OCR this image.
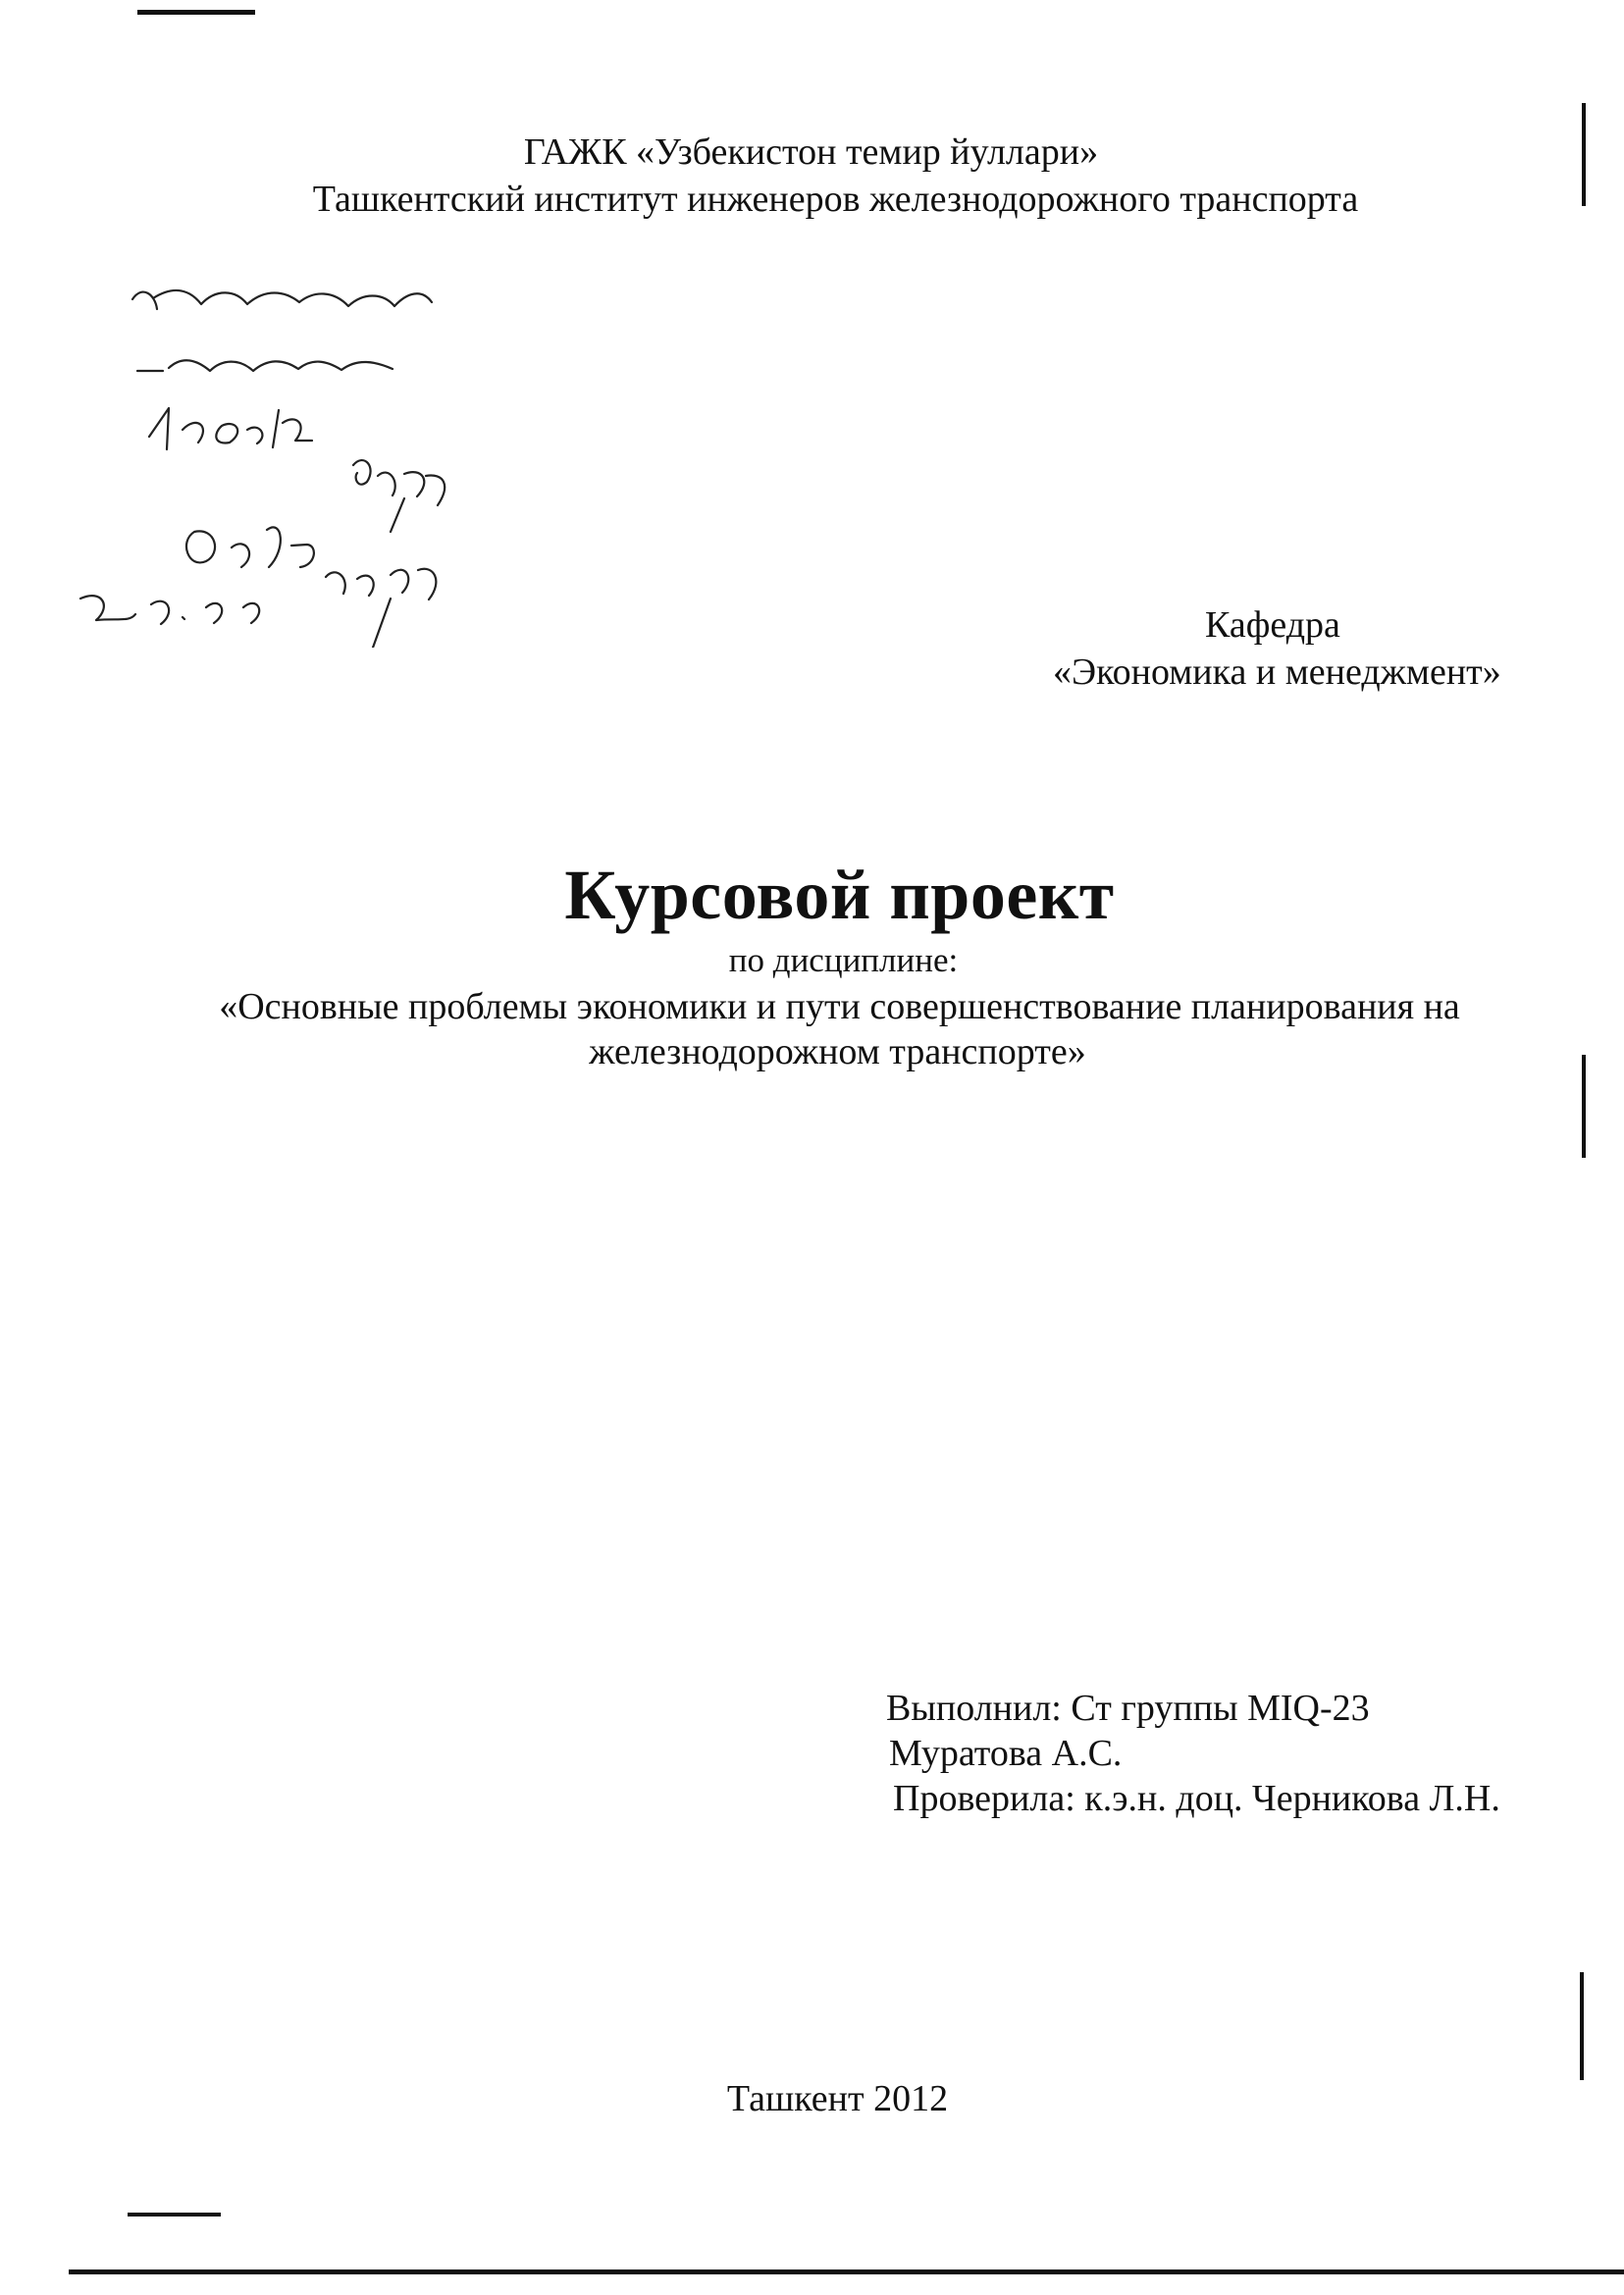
ГАЖК «Узбекистон темир йуллари»
Ташкентский институт инженеров железнодорожного транспорта
Кафедра
«Экономика и менеджмент»
Курсовой проект
по дисциплине:
«Основные проблемы экономики и пути совершенствование планирования на
железнодорожном транспорте»
Выполнил: Ст группы MIQ-23
Муратова А.С.
Проверила: к.э.н. доц. Черникова Л.Н.
Ташкент 2012
